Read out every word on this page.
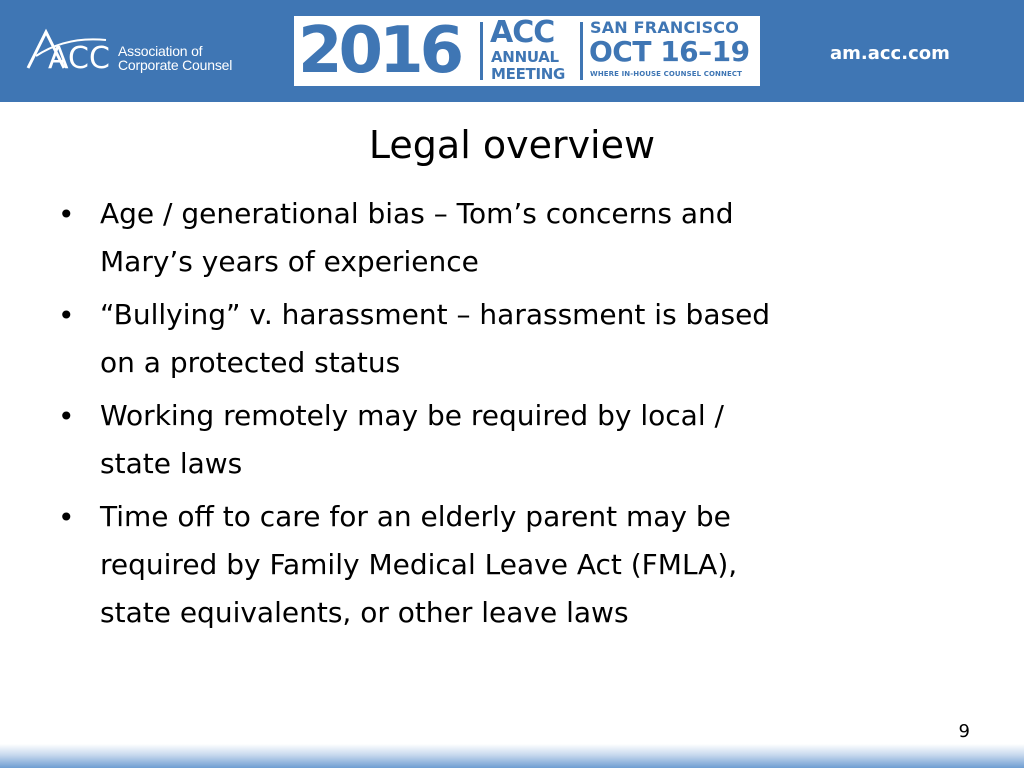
ACC Association of
Corporate Counsel 2016 ACC
ANNUAL
MEETING
SAN FRANCISCO
OCT 16–19
WHERE IN-HOUSE COUNSEL CONNECT
am.acc.com
Legal overview
• Age / generational bias – Tom’s concerns and
Mary’s years of experience
• “Bullying” v. harassment – harassment is based
on a protected status
• Working remotely may be required by local /
state laws
• Time off to care for an elderly parent may be
required by Family Medical Leave Act (FMLA),
state equivalents, or other leave laws
9
